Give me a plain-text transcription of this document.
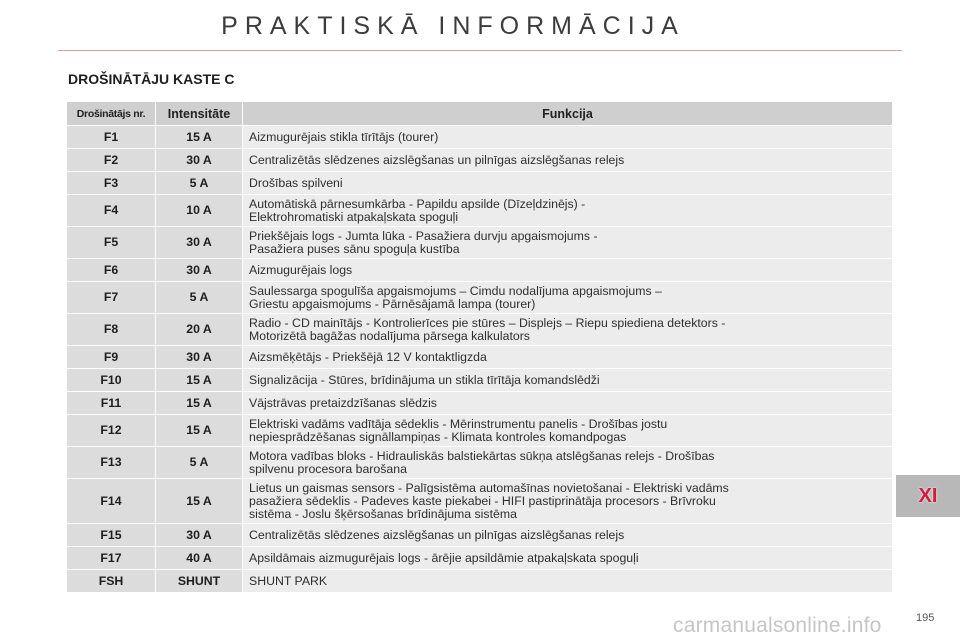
PRAKTISKĀ INFORMĀCIJA
DROŠINĀTĀJU KASTE C
Drošinātājs nr.	Intensitāte	Funkcija
F1	15 A	Aizmugurējais stikla tīrītājs (tourer)

F2	30 A	Centralizētās slēdzenes aizslēgšanas un pilnīgas aizslēgšanas relejs

F3	5 A	Drošības spilveni

F4	10 A	Automātiskā pārnesumkārba - Papildu apsilde (Dīzeļdzinējs) -
Elektrohromatiski atpakaļskata spoguļi

F5	30 A	Priekšējais logs - Jumta lūka - Pasažiera durvju apgaismojums -
Pasažiera puses sānu spoguļa kustība

F6	30 A	Aizmugurējais logs

F7	5 A	Saulessarga spogulīša apgaismojums – Cimdu nodalījuma apgaismojums –
Griestu apgaismojums - Pārnēsājamā lampa (tourer)

F8	20 A	Radio - CD mainītājs - Kontrolierīces pie stūres – Displejs – Riepu spiediena detektors -
Motorizētā bagāžas nodalījuma pārsega kalkulators

F9	30 A	Aizsmēķētājs - Priekšējā 12 V kontaktligzda

F10	15 A	Signalizācija - Stūres, brīdinājuma un stikla tīrītāja komandslēdži

F11	15 A	Vājstrāvas pretaizdzīšanas slēdzis

F12	15 A	Elektriski vadāms vadītāja sēdeklis - Mērinstrumentu panelis - Drošības jostu
nepiesprādzēšanas signāllampiņas - Klimata kontroles komandpogas

F13	5 A	Motora vadības bloks - Hidrauliskās balstiekārtas sūkņa atslēgšanas relejs - Drošības
spilvenu procesora barošana

F14	15 A	Lietus un gaismas sensors - Palīgsistēma automašīnas novietošanai - Elektriski vadāms
pasažiera sēdeklis - Padeves kaste piekabei - HIFI pastiprinātāja procesors - Brīvroku
sistēma - Joslu šķērsošanas brīdinājuma sistēma

F15	30 A	Centralizētās slēdzenes aizslēgšanas un pilnīgas aizslēgšanas relejs

F17	40 A	Apsildāmais aizmugurējais logs - ārējie apsildāmie atpakaļskata spoguļi

FSH	SHUNT	SHUNT PARK
XI
195
carmanualsonline.info
